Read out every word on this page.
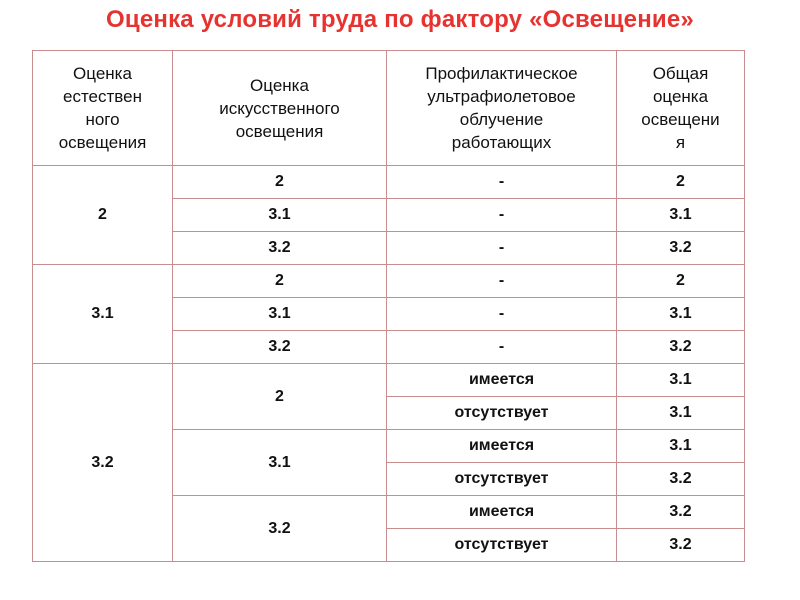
Оценка условий труда по фактору «Освещение»
Оценка
естествен
ного
освещения	Оценка
искусственного
освещения	Профилактическое
ультрафиолетовое
облучение
работающих	Общая
оценка
освещени
я

2	2	-	2
	3.1	-	3.1
	3.2	-	3.2
3.1	2	-	2
	3.1	-	3.1
	3.2	-	3.2
3.2	2	имеется	3.1
		отсутствует	3.1
	3.1	имеется	3.1
		отсутствует	3.2
	3.2	имеется	3.2
		отсутствует	3.2
